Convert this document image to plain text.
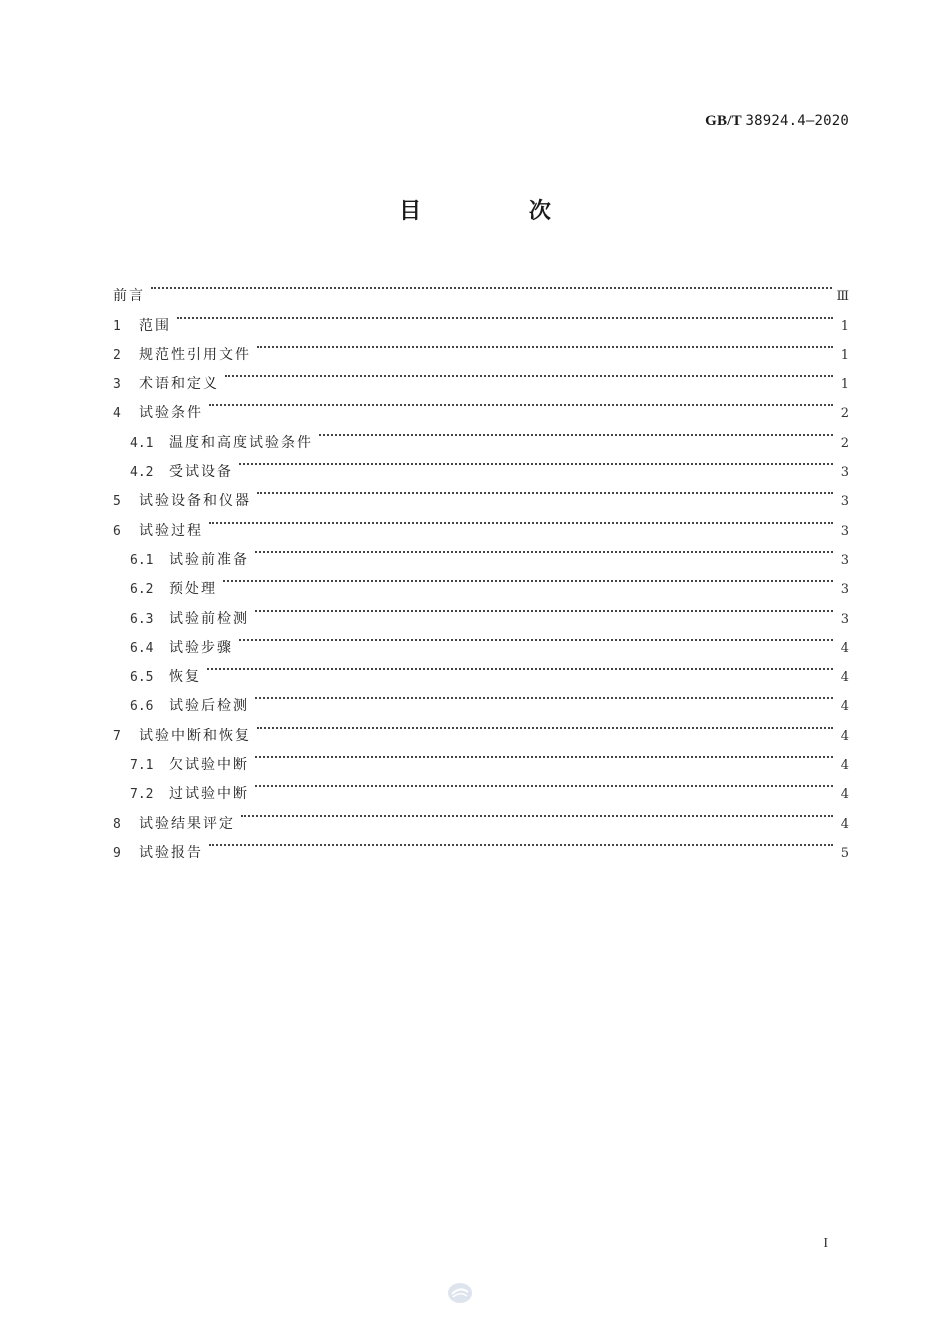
GB/T 38924.4—2020
目 次
前言	Ⅲ
1	范围	1
2	规范性引用文件	1
3	术语和定义	1
4	试验条件	2
4.1	温度和高度试验条件	2
4.2	受试设备	3
5	试验设备和仪器	3
6	试验过程	3
6.1	试验前准备	3
6.2	预处理	3
6.3	试验前检测	3
6.4	试验步骤	4
6.5	恢复	4
6.6	试验后检测	4
7	试验中断和恢复	4
7.1	欠试验中断	4
7.2	过试验中断	4
8	试验结果评定	4
9	试验报告	5
I
